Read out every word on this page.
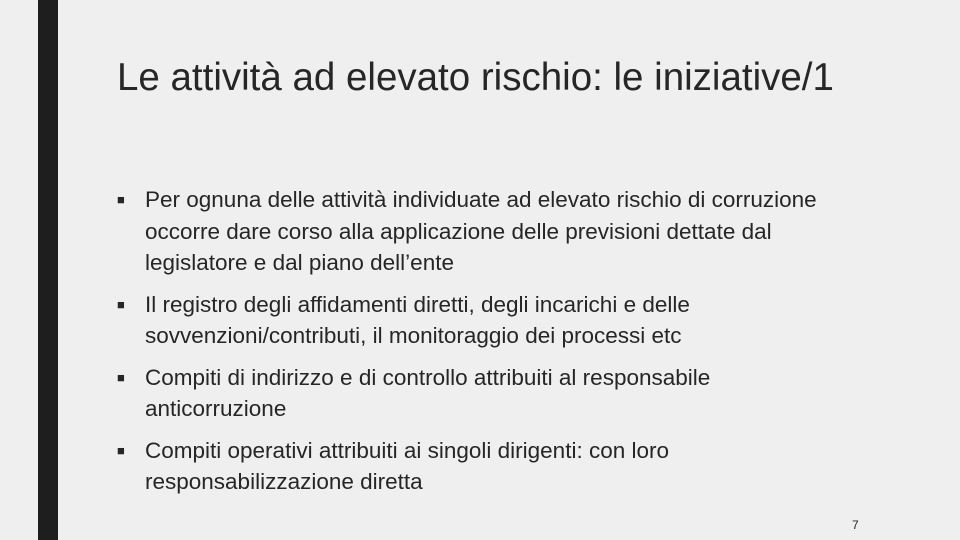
Le attività ad elevato rischio: le iniziative/1
■ Per ognuna delle attività individuate ad elevato rischio di corruzione occorre dare corso alla applicazione delle previsioni dettate dal legislatore e dal piano dell’ente
■ Il registro degli affidamenti diretti, degli incarichi e delle sovvenzioni/contributi, il monitoraggio dei processi etc
■ Compiti di indirizzo e di controllo attribuiti al responsabile anticorruzione
■ Compiti operativi attribuiti ai singoli dirigenti: con loro responsabilizzazione diretta
7
